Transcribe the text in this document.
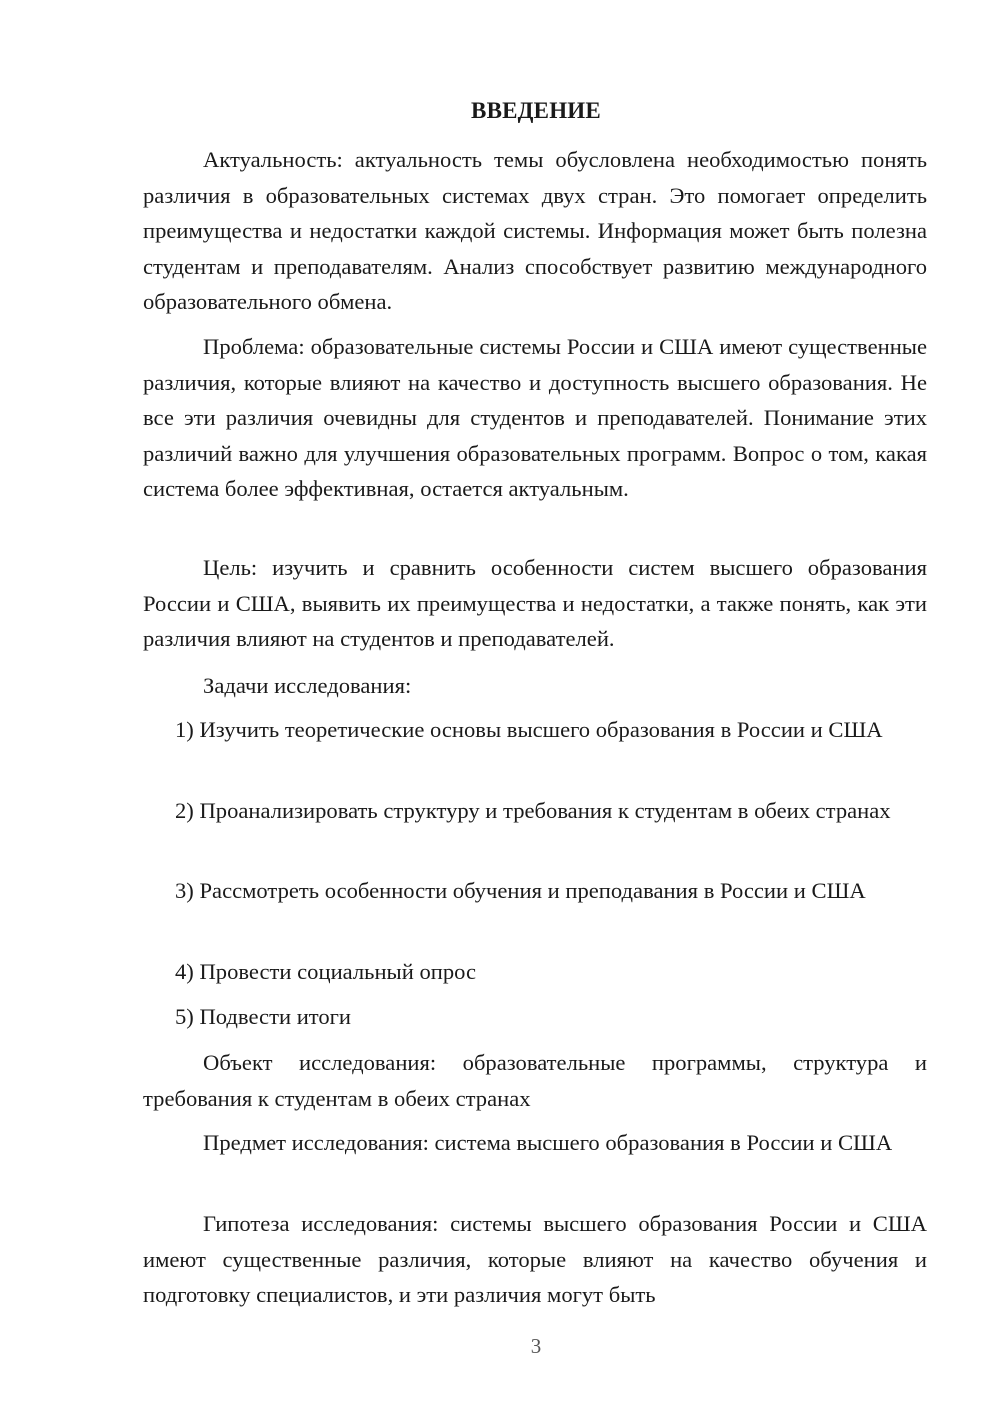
ВВЕДЕНИЕ
Актуальность: актуальность темы обусловлена необходимостью понять различия в образовательных системах двух стран. Это помогает определить преимущества и недостатки каждой системы. Информация может быть полезна студентам и преподавателям. Анализ способствует развитию международного образовательного обмена.
Проблема: образовательные системы России и США имеют существенные различия, которые влияют на качество и доступность высшего образования. Не все эти различия очевидны для студентов и преподавателей. Понимание этих различий важно для улучшения образовательных программ. Вопрос о том, какая система более эффективная, остается актуальным.
Цель: изучить и сравнить особенности систем высшего образования России и США, выявить их преимущества и недостатки, а также понять, как эти различия влияют на студентов и преподавателей.
Задачи исследования:
1) Изучить теоретические основы высшего образования в России и США
2) Проанализировать структуру и требования к студентам в обеих странах
3) Рассмотреть особенности обучения и преподавания в России и США
4) Провести социальный опрос
5) Подвести итоги
Объект исследования: образовательные программы, структура и требования к студентам в обеих странах
Предмет исследования: система высшего образования в России и США
Гипотеза исследования: системы высшего образования России и США имеют существенные различия, которые влияют на качество обучения и подготовку специалистов, и эти различия могут быть
3
